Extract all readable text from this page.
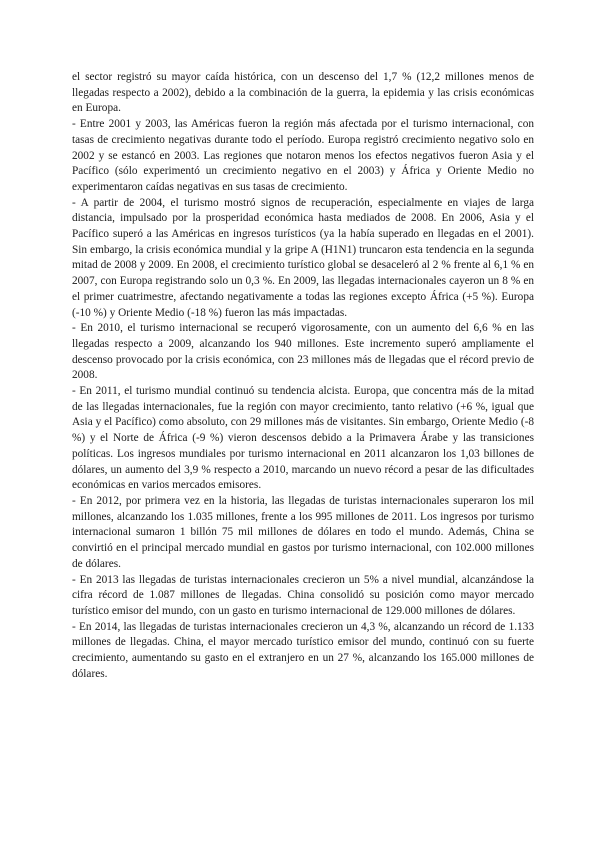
el sector registró su mayor caída histórica, con un descenso del 1,7 % (12,2 millones menos de llegadas respecto a 2002), debido a la combinación de la guerra, la epidemia y las crisis económicas en Europa.

- Entre 2001 y 2003, las Américas fueron la región más afectada por el turismo internacional, con tasas de crecimiento negativas durante todo el período. Europa registró crecimiento negativo solo en 2002 y se estancó en 2003. Las regiones que notaron menos los efectos negativos fueron Asia y el Pacífico (sólo experimentó un crecimiento negativo en el 2003) y África y Oriente Medio no experimentaron caídas negativas en sus tasas de crecimiento.

- A partir de 2004, el turismo mostró signos de recuperación, especialmente en viajes de larga distancia, impulsado por la prosperidad económica hasta mediados de 2008. En 2006, Asia y el Pacífico superó a las Américas en ingresos turísticos (ya la había superado en llegadas en el 2001). Sin embargo, la crisis económica mundial y la gripe A (H1N1) truncaron esta tendencia en la segunda mitad de 2008 y 2009. En 2008, el crecimiento turístico global se desaceleró al 2 % frente al 6,1 % en 2007, con Europa registrando solo un 0,3 %. En 2009, las llegadas internacionales cayeron un 8 % en el primer cuatrimestre, afectando negativamente a todas las regiones excepto África (+5 %). Europa (-10 %) y Oriente Medio (-18 %) fueron las más impactadas.

- En 2010, el turismo internacional se recuperó vigorosamente, con un aumento del 6,6 % en las llegadas respecto a 2009, alcanzando los 940 millones. Este incremento superó ampliamente el descenso provocado por la crisis económica, con 23 millones más de llegadas que el récord previo de 2008.

- En 2011, el turismo mundial continuó su tendencia alcista. Europa, que concentra más de la mitad de las llegadas internacionales, fue la región con mayor crecimiento, tanto relativo (+6 %, igual que Asia y el Pacífico) como absoluto, con 29 millones más de visitantes. Sin embargo, Oriente Medio (-8 %) y el Norte de África (-9 %) vieron descensos debido a la Primavera Árabe y las transiciones políticas. Los ingresos mundiales por turismo internacional en 2011 alcanzaron los 1,03 billones de dólares, un aumento del 3,9 % respecto a 2010, marcando un nuevo récord a pesar de las dificultades económicas en varios mercados emisores.

- En 2012, por primera vez en la historia, las llegadas de turistas internacionales superaron los mil millones, alcanzando los 1.035 millones, frente a los 995 millones de 2011. Los ingresos por turismo internacional sumaron 1 billón 75 mil millones de dólares en todo el mundo. Además, China se convirtió en el principal mercado mundial en gastos por turismo internacional, con 102.000 millones de dólares.

- En 2013 las llegadas de turistas internacionales crecieron un 5% a nivel mundial, alcanzándose la cifra récord de 1.087 millones de llegadas. China consolidó su posición como mayor mercado turístico emisor del mundo, con un gasto en turismo internacional de 129.000 millones de dólares.

- En 2014, las llegadas de turistas internacionales crecieron un 4,3 %, alcanzando un récord de 1.133 millones de llegadas. China, el mayor mercado turístico emisor del mundo, continuó con su fuerte crecimiento, aumentando su gasto en el extranjero en un 27 %, alcanzando los 165.000 millones de dólares.
